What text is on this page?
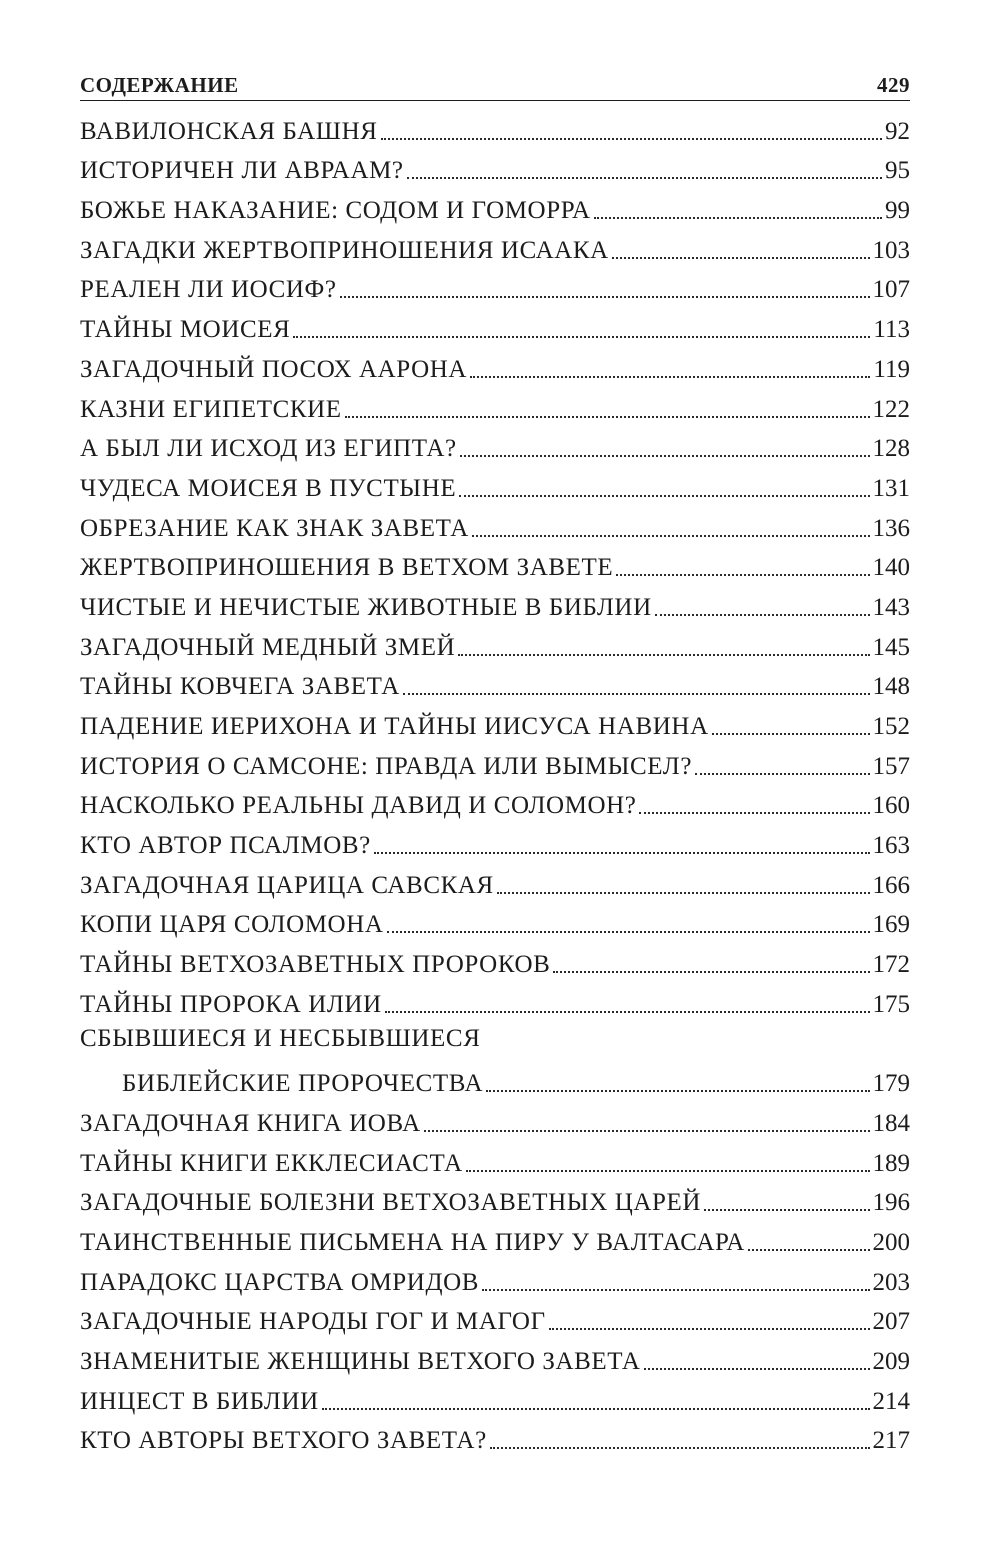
СОДЕРЖАНИЕ	429
ВАВИЛОНСКАЯ БАШНЯ	92
ИСТОРИЧЕН ЛИ АВРААМ?	95
БОЖЬЕ НАКАЗАНИЕ: СОДОМ И ГОМОРРА	99
ЗАГАДКИ ЖЕРТВОПРИНОШЕНИЯ ИСААКА	103
РЕАЛЕН ЛИ ИОСИФ?	107
ТАЙНЫ МОИСЕЯ	113
ЗАГАДОЧНЫЙ ПОСОХ ААРОНА	119
КАЗНИ ЕГИПЕТСКИЕ	122
А БЫЛ ЛИ ИСХОД ИЗ ЕГИПТА?	128
ЧУДЕСА МОИСЕЯ В ПУСТЫНЕ	131
ОБРЕЗАНИЕ КАК ЗНАК ЗАВЕТА	136
ЖЕРТВОПРИНОШЕНИЯ В ВЕТХОМ ЗАВЕТЕ	140
ЧИСТЫЕ И НЕЧИСТЫЕ ЖИВОТНЫЕ В БИБЛИИ	143
ЗАГАДОЧНЫЙ МЕДНЫЙ ЗМЕЙ	145
ТАЙНЫ КОВЧЕГА ЗАВЕТА	148
ПАДЕНИЕ ИЕРИХОНА И ТАЙНЫ ИИСУСА НАВИНА	152
ИСТОРИЯ О САМСОНЕ: ПРАВДА ИЛИ ВЫМЫСЕЛ?	157
НАСКОЛЬКО РЕАЛЬНЫ ДАВИД И СОЛОМОН?	160
КТО АВТОР ПСАЛМОВ?	163
ЗАГАДОЧНАЯ ЦАРИЦА САВСКАЯ	166
КОПИ ЦАРЯ СОЛОМОНА	169
ТАЙНЫ ВЕТХОЗАВЕТНЫХ ПРОРОКОВ	172
ТАЙНЫ ПРОРОКА ИЛИИ	175
СБЫВШИЕСЯ И НЕСБЫВШИЕСЯ
БИБЛЕЙСКИЕ ПРОРОЧЕСТВА	179
ЗАГАДОЧНАЯ КНИГА ИОВА	184
ТАЙНЫ КНИГИ ЕККЛЕСИАСТА	189
ЗАГАДОЧНЫЕ БОЛЕЗНИ ВЕТХОЗАВЕТНЫХ ЦАРЕЙ	196
ТАИНСТВЕННЫЕ ПИСЬМЕНА НА ПИРУ У ВАЛТАСАРА	200
ПАРАДОКС ЦАРСТВА ОМРИДОВ	203
ЗАГАДОЧНЫЕ НАРОДЫ ГОГ И МАГОГ	207
ЗНАМЕНИТЫЕ ЖЕНЩИНЫ ВЕТХОГО ЗАВЕТА	209
ИНЦЕСТ В БИБЛИИ	214
КТО АВТОРЫ ВЕТХОГО ЗАВЕТА?	217
